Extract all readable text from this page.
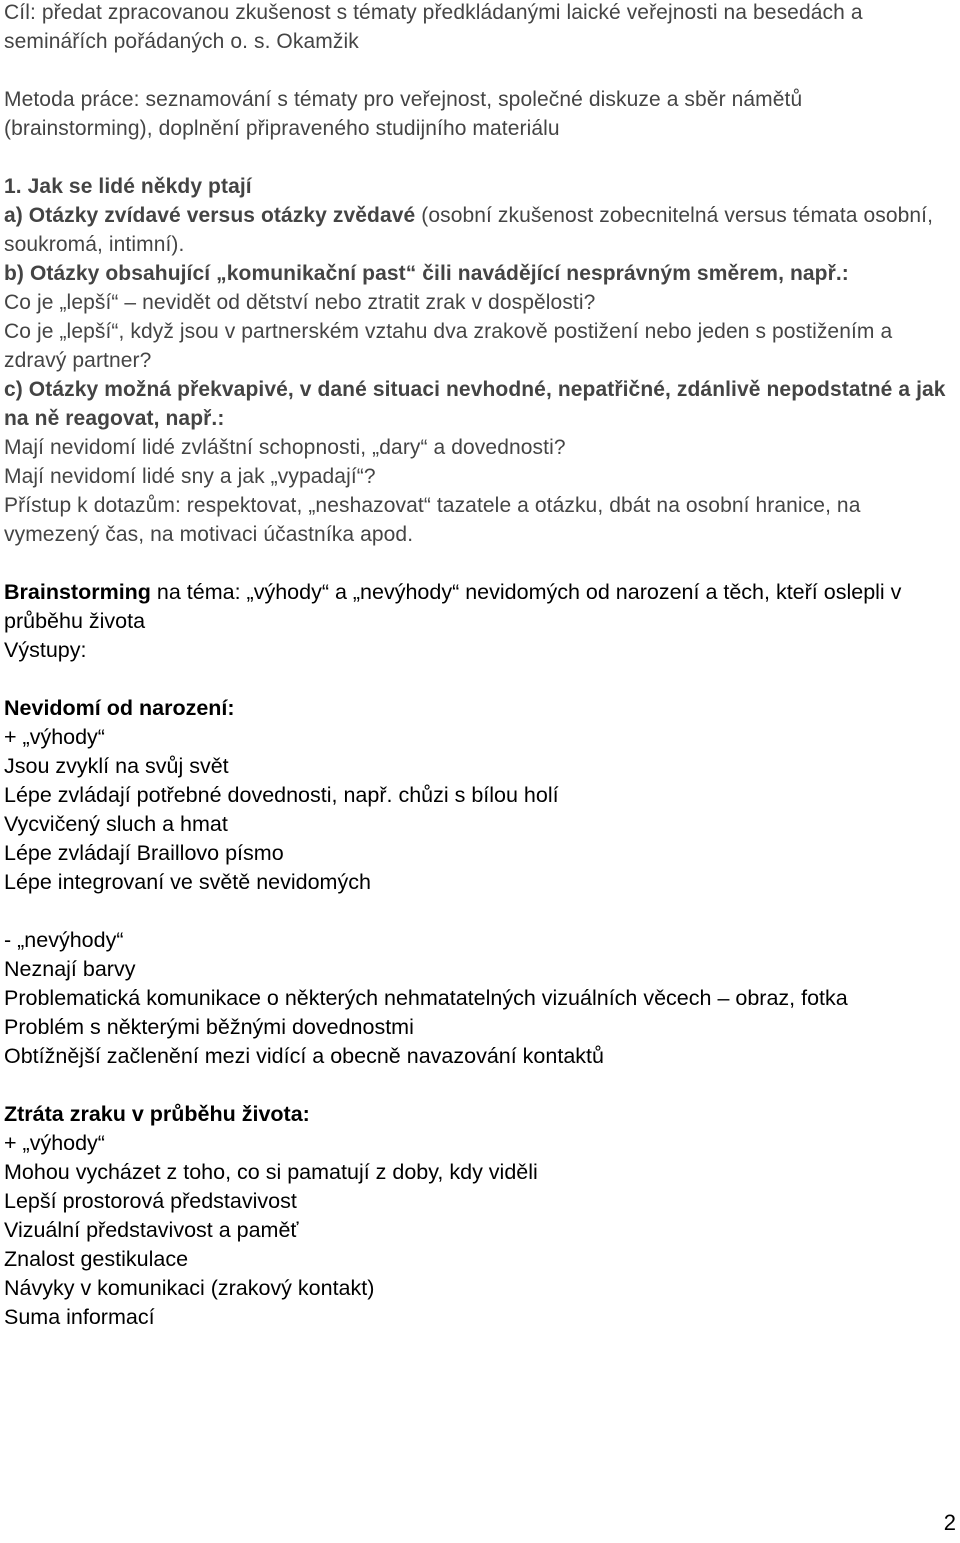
Cíl: předat zpracovanou zkušenost s tématy předkládanými laické veřejnosti na besedách a seminářích pořádaných o. s. Okamžik
Metoda práce: seznamování s tématy pro veřejnost, společné diskuze a sběr námětů (brainstorming), doplnění připraveného studijního materiálu
1. Jak se lidé někdy ptají
a) Otázky zvídavé versus otázky zvědavé (osobní zkušenost zobecnitelná versus témata osobní, soukromá, intimní).
b) Otázky obsahující „komunikační past“ čili navádějící nesprávným směrem, např.:
Co je „lepší“ – nevidět od dětství nebo ztratit zrak v dospělosti?
Co je „lepší“, když jsou v partnerském vztahu dva zrakově postižení nebo jeden s postižením a zdravý partner?
c) Otázky možná překvapivé, v dané situaci nevhodné, nepatřičné, zdánlivě nepodstatné a jak na ně reagovat, např.:
Mají nevidomí lidé zvláštní schopnosti, „dary“ a dovednosti?
Mají nevidomí lidé sny a jak „vypadají“?
Přístup k dotazům: respektovat, „neshazovat“ tazatele a otázku, dbát na osobní hranice, na vymezený čas, na motivaci účastníka apod.
Brainstorming na téma: „výhody“ a „nevýhody“ nevidomých od narození a těch, kteří oslepli v průběhu života
Výstupy:
Nevidomí od narození:
+ „výhody“
Jsou zvyklí na svůj svět
Lépe zvládají potřebné dovednosti, např. chůzi s bílou holí
Vycvičený sluch a hmat
Lépe zvládají Braillovo písmo
Lépe integrovaní ve světě nevidomých
- „nevýhody“
Neznají barvy
Problematická komunikace o některých nehmatatelných vizuálních věcech – obraz, fotka
Problém s některými běžnými dovednostmi
Obtížnější začlenění mezi vidící a obecně navazování kontaktů
Ztráta zraku v průběhu života:
+ „výhody“
Mohou vycházet z toho, co si pamatují z doby, kdy viděli
Lepší prostorová představivost
Vizuální představivost a paměť
Znalost gestikulace
Návyky v komunikaci (zrakový kontakt)
Suma informací
2
